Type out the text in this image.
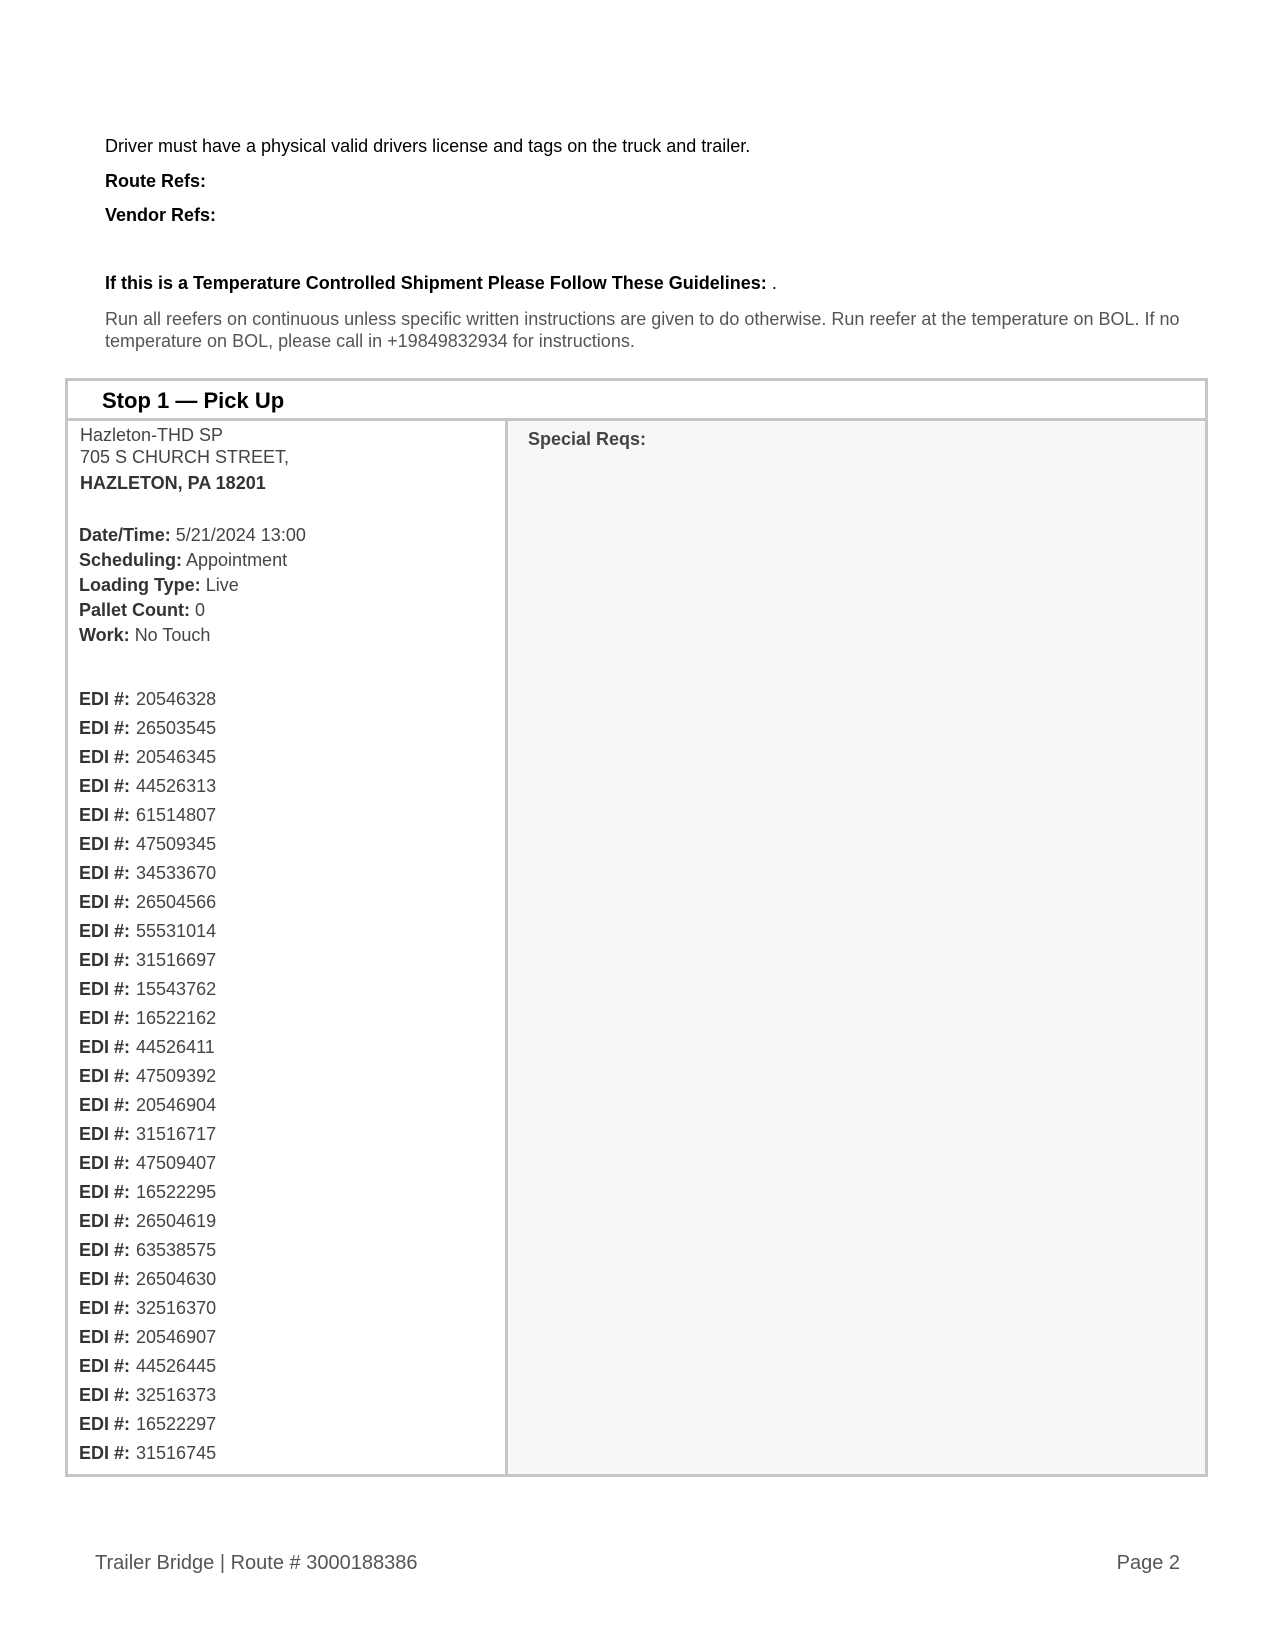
Driver must have a physical valid drivers license and tags on the truck and trailer.
Route Refs:
Vendor Refs:
If this is a Temperature Controlled Shipment Please Follow These Guidelines: .
Run all reefers on continuous unless specific written instructions are given to do otherwise. Run reefer at the temperature on BOL. If no temperature on BOL, please call in +19849832934 for instructions.
Stop 1 — Pick Up
Hazleton-THD SP
705 S CHURCH STREET,
HAZLETON, PA 18201
Date/Time: 5/21/2024 13:00
Scheduling: Appointment
Loading Type: Live
Pallet Count: 0
Work: No Touch
EDI #: 20546328
EDI #: 26503545
EDI #: 20546345
EDI #: 44526313
EDI #: 61514807
EDI #: 47509345
EDI #: 34533670
EDI #: 26504566
EDI #: 55531014
EDI #: 31516697
EDI #: 15543762
EDI #: 16522162
EDI #: 44526411
EDI #: 47509392
EDI #: 20546904
EDI #: 31516717
EDI #: 47509407
EDI #: 16522295
EDI #: 26504619
EDI #: 63538575
EDI #: 26504630
EDI #: 32516370
EDI #: 20546907
EDI #: 44526445
EDI #: 32516373
EDI #: 16522297
EDI #: 31516745
Special Reqs:
Trailer Bridge | Route # 3000188386	Page 2
